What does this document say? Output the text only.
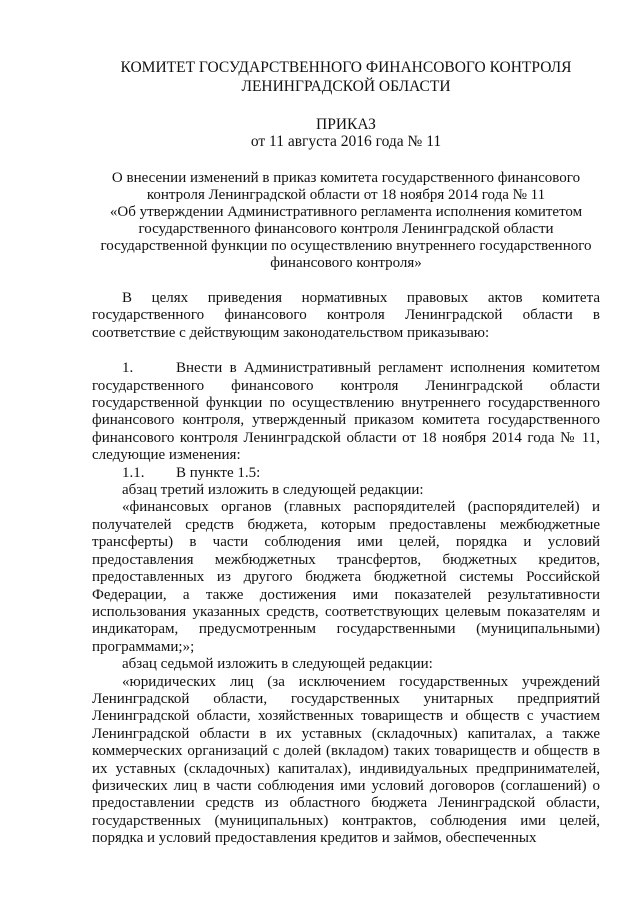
КОМИТЕТ ГОСУДАРСТВЕННОГО ФИНАНСОВОГО КОНТРОЛЯ
ЛЕНИНГРАДСКОЙ ОБЛАСТИ
ПРИКАЗ
от 11 августа 2016 года № 11
О внесении изменений в приказ комитета государственного финансового
контроля Ленинградской области от 18 ноября 2014 года № 11
«Об утверждении Административного регламента исполнения комитетом
государственного финансового контроля Ленинградской области
государственной функции по осуществлению внутреннего государственного
финансового контроля»

В целях приведения нормативных правовых актов комитета государственного финансового контроля Ленинградской области в соответствие с действующим законодательством приказываю:

1.	Внести в Административный регламент исполнения комитетом государственного финансового контроля Ленинградской области государственной функции по осуществлению внутреннего государственного финансового контроля, утвержденный приказом комитета государственного финансового контроля Ленинградской области от 18 ноября 2014 года № 11, следующие изменения:

1.1. В пункте 1.5:

абзац третий изложить в следующей редакции:

«финансовых органов (главных распорядителей (распорядителей) и получателей средств бюджета, которым предоставлены межбюджетные трансферты) в части соблюдения ими целей, порядка и условий предоставления межбюджетных трансфертов, бюджетных кредитов, предоставленных из другого бюджета бюджетной системы Российской Федерации, а также достижения ими показателей результативности использования указанных средств, соответствующих целевым показателям и индикаторам, предусмотренным государственными (муниципальными) программами;»;

абзац седьмой изложить в следующей редакции:

«юридических лиц (за исключением государственных учреждений Ленинградской области, государственных унитарных предприятий Ленинградской области, хозяйственных товариществ и обществ с участием Ленинградской области в их уставных (складочных) капиталах, а также коммерческих организаций с долей (вкладом) таких товариществ и обществ в их уставных (складочных) капиталах), индивидуальных предпринимателей, физических лиц в части соблюдения ими условий договоров (соглашений) о предоставлении средств из областного бюджета Ленинградской области, государственных (муниципальных) контрактов, соблюдения ими целей, порядка и условий предоставления кредитов и займов, обеспеченных
